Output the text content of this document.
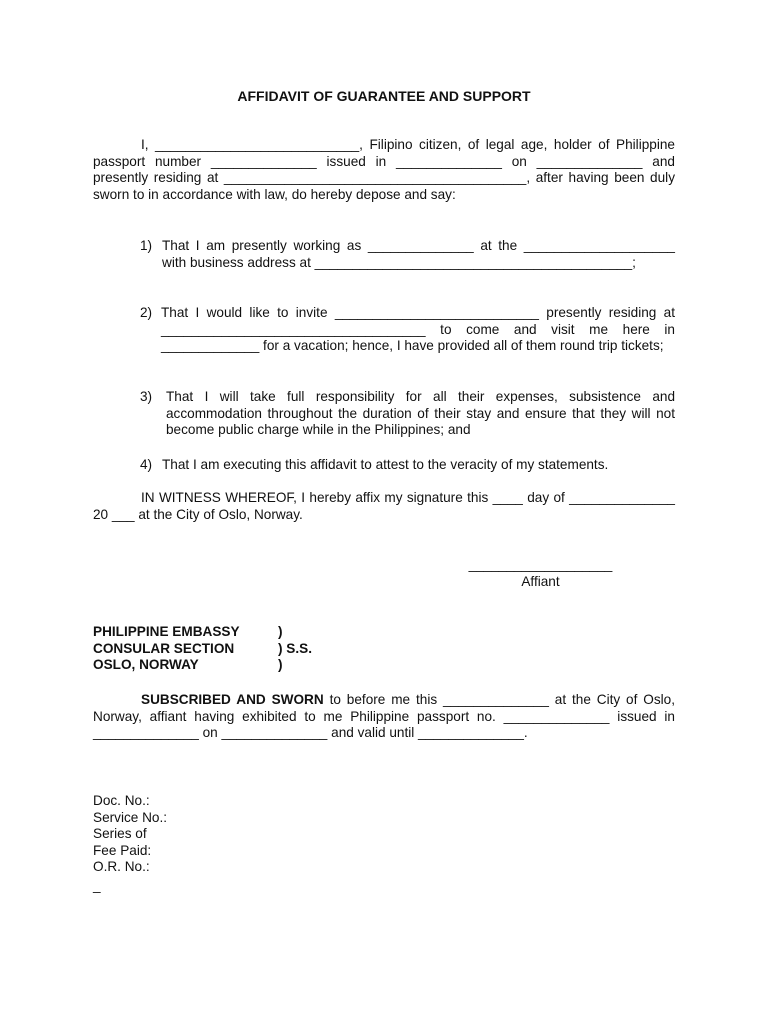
AFFIDAVIT OF GUARANTEE AND SUPPORT
I, ___________________________, Filipino citizen, of legal age, holder of Philippine passport number ______________ issued in ______________ on ______________ and presently residing at ________________________________________, after having been duly sworn to in accordance with law, do hereby depose and say:
1) That I am presently working as ______________ at the ____________________ with business address at __________________________________________;
2) That I would like to invite ___________________________ presently residing at ___________________________________ to come and visit me here in _____________ for a vacation; hence, I have provided all of them round trip tickets;
3) That I will take full responsibility for all their expenses, subsistence and accommodation throughout the duration of their stay and ensure that they will not become public charge while in the Philippines; and
4) That I am executing this affidavit to attest to the veracity of my statements.
IN WITNESS WHEREOF, I hereby affix my signature this ____ day of ______________ 20 ___ at the City of Oslo, Norway.
___________________
Affiant
PHILIPPINE EMBASSY	)
CONSULAR SECTION	) S.S.
OSLO, NORWAY	)
SUBSCRIBED AND SWORN to before me this ______________ at the City of Oslo, Norway, affiant having exhibited to me Philippine passport no. ______________ issued in ______________ on ______________ and valid until ______________.
Doc. No.:
Service No.:
Series of
Fee Paid:
O.R. No.:
_
